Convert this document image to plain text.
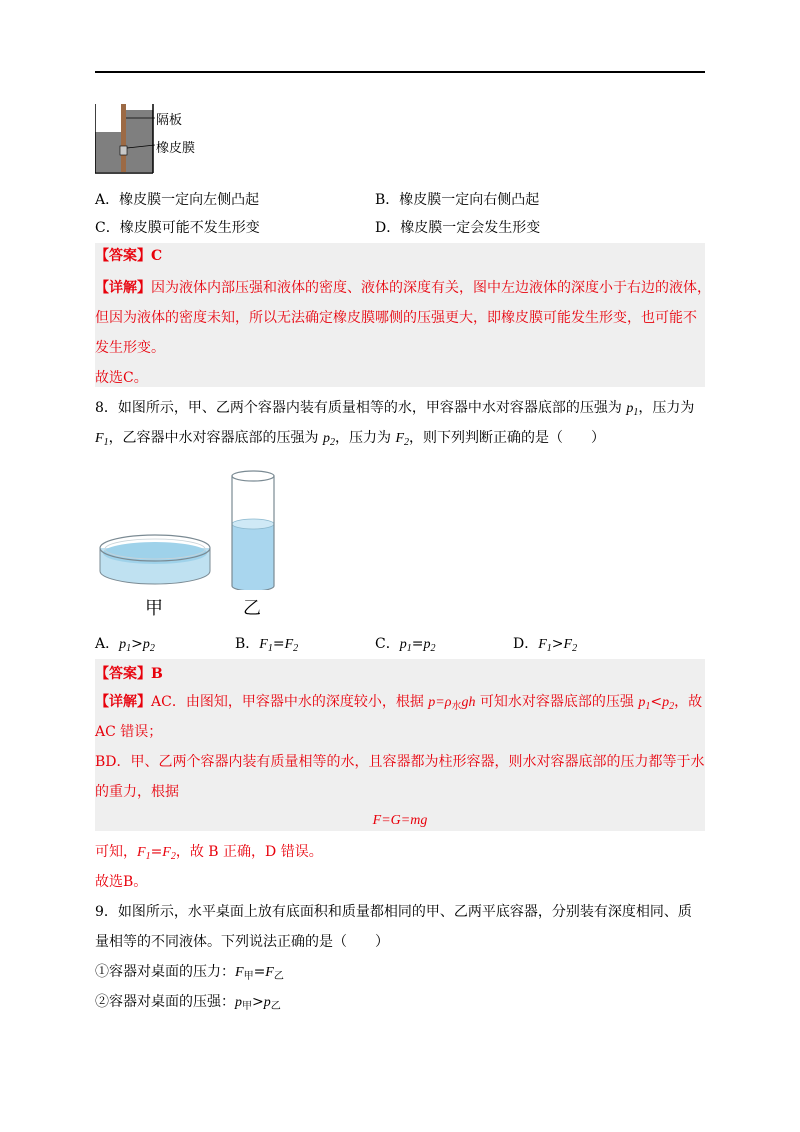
隔板
橡皮膜
A．橡皮膜一定向左侧凸起	B．橡皮膜一定向右侧凸起
C．橡皮膜可能不发生形变	D．橡皮膜一定会发生形变
【答案】C
【详解】因为液体内部压强和液体的密度、液体的深度有关，图中左边液体的深度小于右边的液体，
但因为液体的密度未知，所以无法确定橡皮膜哪侧的压强更大，即橡皮膜可能发生形变，也可能不
发生形变。
故选C。
8．如图所示，甲、乙两个容器内装有质量相等的水，甲容器中水对容器底部的压强为 $p_1$，压力为
$F_1$，乙容器中水对容器底部的压强为 $p_2$，压力为 $F_2$，则下列判断正确的是（　　）
甲	乙
A．$p_1>p_2$	B．$F_1=F_2$	C．$p_1=p_2$	D．$F_1>F_2$
【答案】B
【详解】AC．由图知，甲容器中水的深度较小，根据 $p=\rho_水gh$ 可知水对容器底部的压强 $p_1<p_2$，故
AC 错误；
BD．甲、乙两个容器内装有质量相等的水，且容器都为柱形容器，则水对容器底部的压力都等于水
的重力，根据
F=G=mg
可知，$F_1=F_2$，故 B 正确，D 错误。
故选B。
9．如图所示，水平桌面上放有底面积和质量都相同的甲、乙两平底容器，分别装有深度相同、质
量相等的不同液体。下列说法正确的是（　　）
①容器对桌面的压力：$F_甲=F_乙$
②容器对桌面的压强：$p_甲>p_乙$
